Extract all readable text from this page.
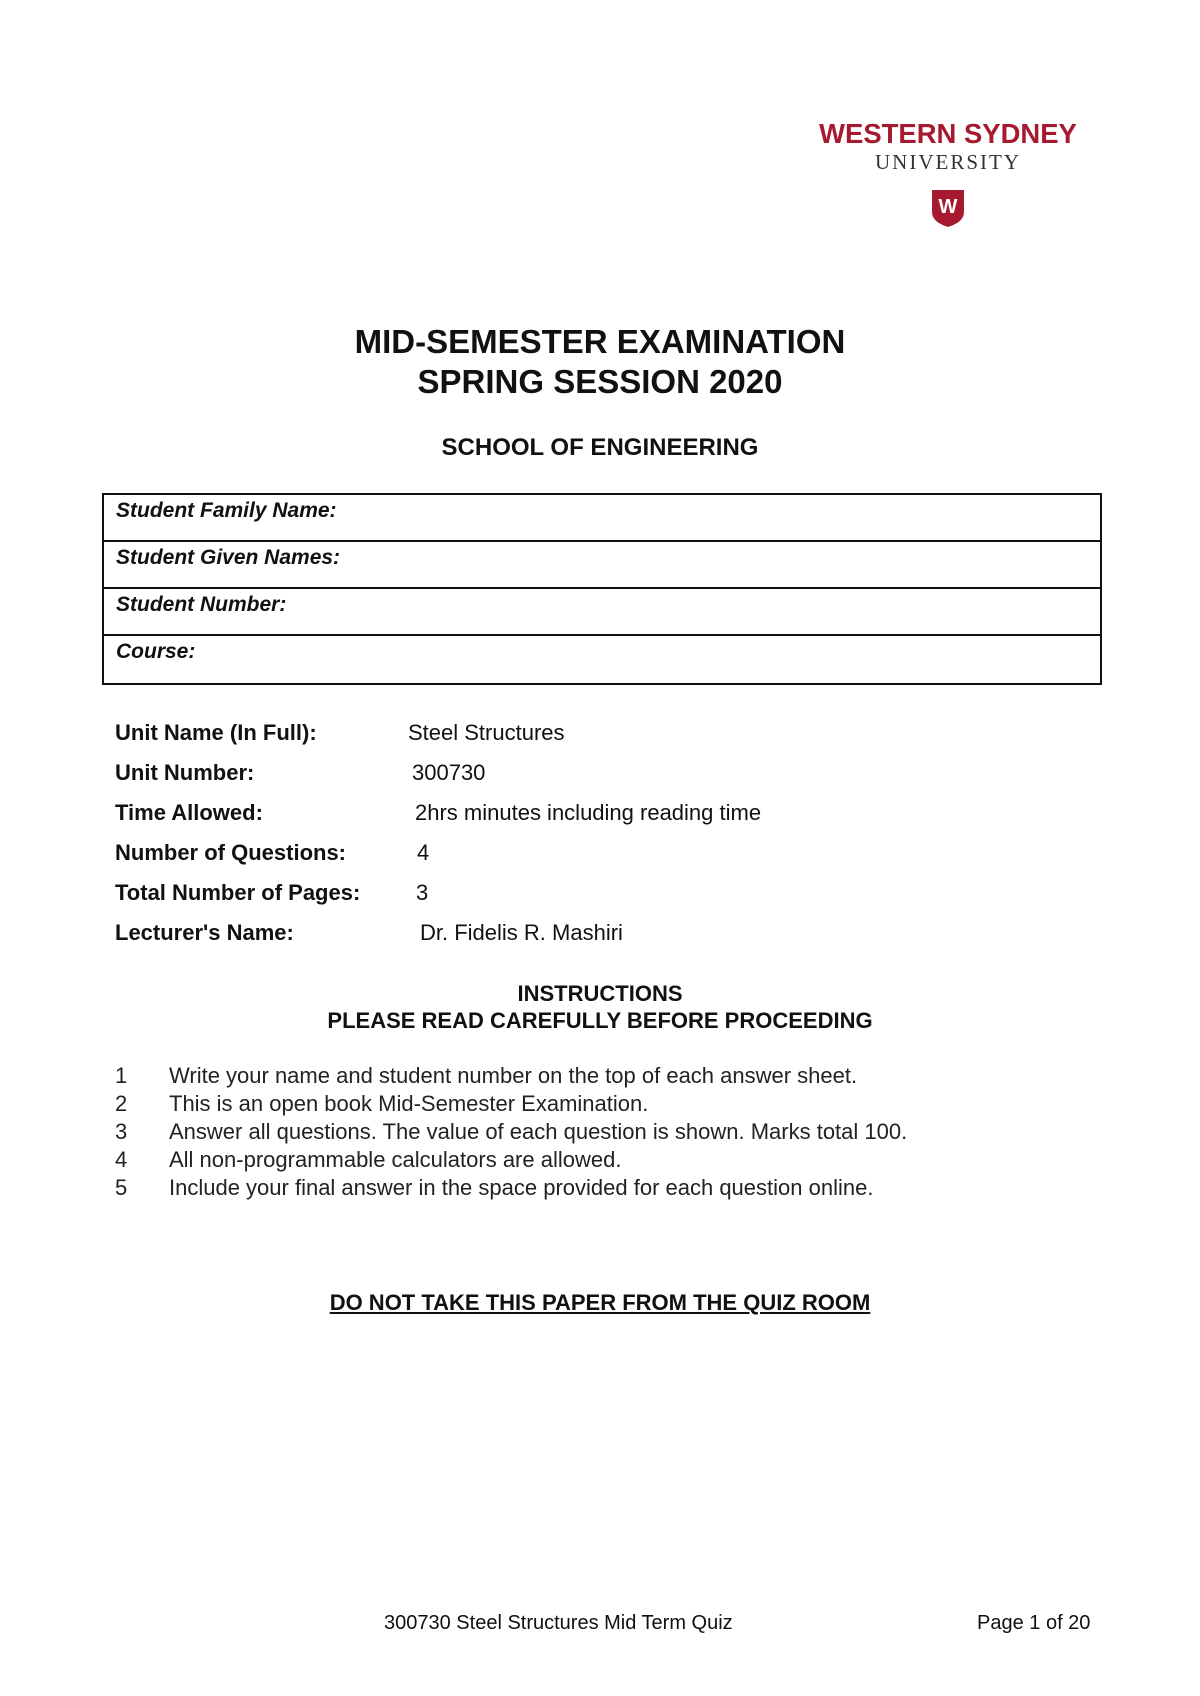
WESTERN SYDNEY
UNIVERSITY
W
MID-SEMESTER EXAMINATION
SPRING SESSION 2020
SCHOOL OF ENGINEERING
Student Family Name:
Student Given Names:
Student Number:
Course:
Unit Name (In Full):	Steel Structures
Unit Number:	300730
Time Allowed:	2hrs minutes including reading time
Number of Questions:	4
Total Number of Pages:	3
Lecturer's Name:	Dr. Fidelis R. Mashiri
INSTRUCTIONS
PLEASE READ CAREFULLY BEFORE PROCEEDING
1 Write your name and student number on the top of each answer sheet.
2 This is an open book Mid-Semester Examination.
3 Answer all questions. The value of each question is shown. Marks total 100.
4 All non-programmable calculators are allowed.
5 Include your final answer in the space provided for each question online.
DO NOT TAKE THIS PAPER FROM THE QUIZ ROOM
300730 Steel Structures Mid Term Quiz	Page 1 of 20
